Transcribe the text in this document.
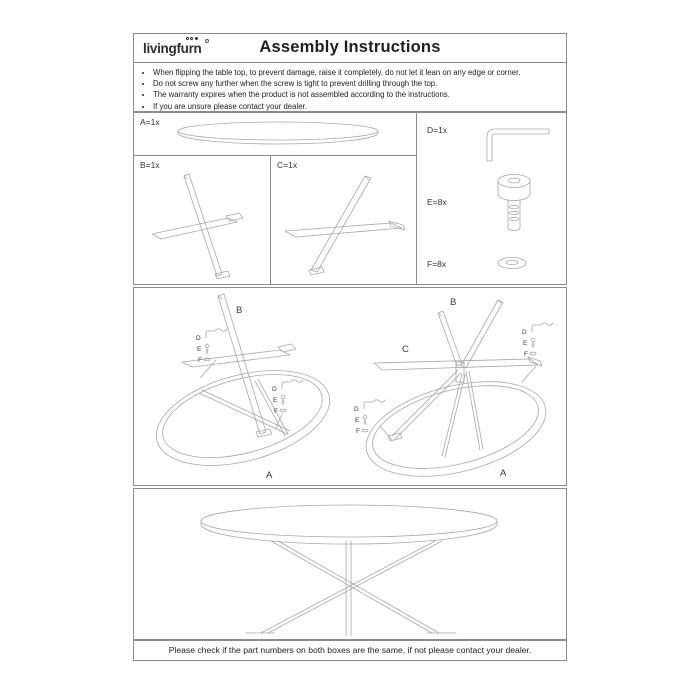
livingfurn	Assembly Instructions
• When flipping the table top, to prevent damage, raise it completely, do not let it lean on any edge or corner.
• Do not screw any further when the screw is tight to prevent drilling through the top.
• The warranty expires when the product is not assembled according to the instructions.
• If you are unsure please contact your dealer.
A=1x
B=1x	C=1x
D=1x
E=8x
F=8x
B
A
D
E
F
D
E
F
B
C
A
D
E
F
D
E
F
Please check if the part numbers on both boxes are the same, if not please contact your dealer.
